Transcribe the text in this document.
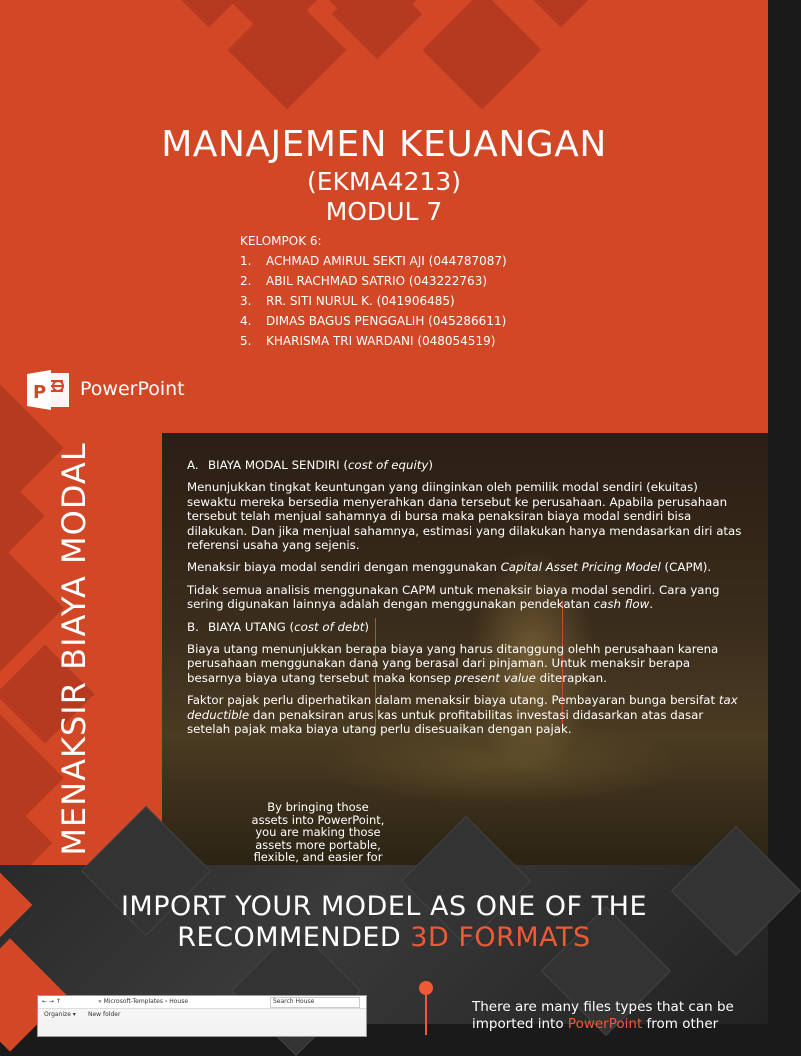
MANAJEMEN KEUANGAN
(EKMA4213)
MODUL 7
KELOMPOK 6:
1. ACHMAD AMIRUL SEKTI AJI (044787087)
2. ABIL RACHMAD SATRIO (043222763)
3. RR. SITI NURUL K. (041906485)
4. DIMAS BAGUS PENGGALIH (045286611)
5. KHARISMA TRI WARDANI (048054519)
P PowerPoint
MENAKSIR BIAYA MODAL	A. BIAYA MODAL SENDIRI (cost of equity)

Menunjukkan tingkat keuntungan yang diinginkan oleh pemilik modal sendiri (ekuitas) sewaktu mereka bersedia menyerahkan dana tersebut ke perusahaan. Apabila perusahaan tersebut telah menjual sahamnya di bursa maka penaksiran biaya modal sendiri bisa dilakukan. Dan jika menjual sahamnya, estimasi yang dilakukan hanya mendasarkan diri atas referensi usaha yang sejenis.

Menaksir biaya modal sendiri dengan menggunakan Capital Asset Pricing Model (CAPM).

Tidak semua analisis menggunakan CAPM untuk menaksir biaya modal sendiri. Cara yang sering digunakan lainnya adalah dengan menggunakan pendekatan cash flow.

B. BIAYA UTANG (cost of debt)

Biaya utang menunjukkan berapa biaya yang harus ditanggung olehh perusahaan karena perusahaan menggunakan dana yang berasal dari pinjaman. Untuk menaksir berapa besarnya biaya utang tersebut maka konsep present value diterapkan.

Faktor pajak perlu diperhatikan dalam menaksir biaya utang. Pembayaran bunga bersifat tax deductible dan penaksiran arus kas untuk profitabilitas investasi didasarkan atas dasar setelah pajak maka biaya utang perlu disesuaikan dengan pajak.

By bringing those assets into PowerPoint, you are making those assets more portable, flexible, and easier for
IMPORT YOUR MODEL AS ONE OF THE
RECOMMENDED 3D FORMATS
← → ↑	« Microsoft-Templates › House	Search House
Organize ▾ New folder	There are many files types that can be imported into PowerPoint from other
